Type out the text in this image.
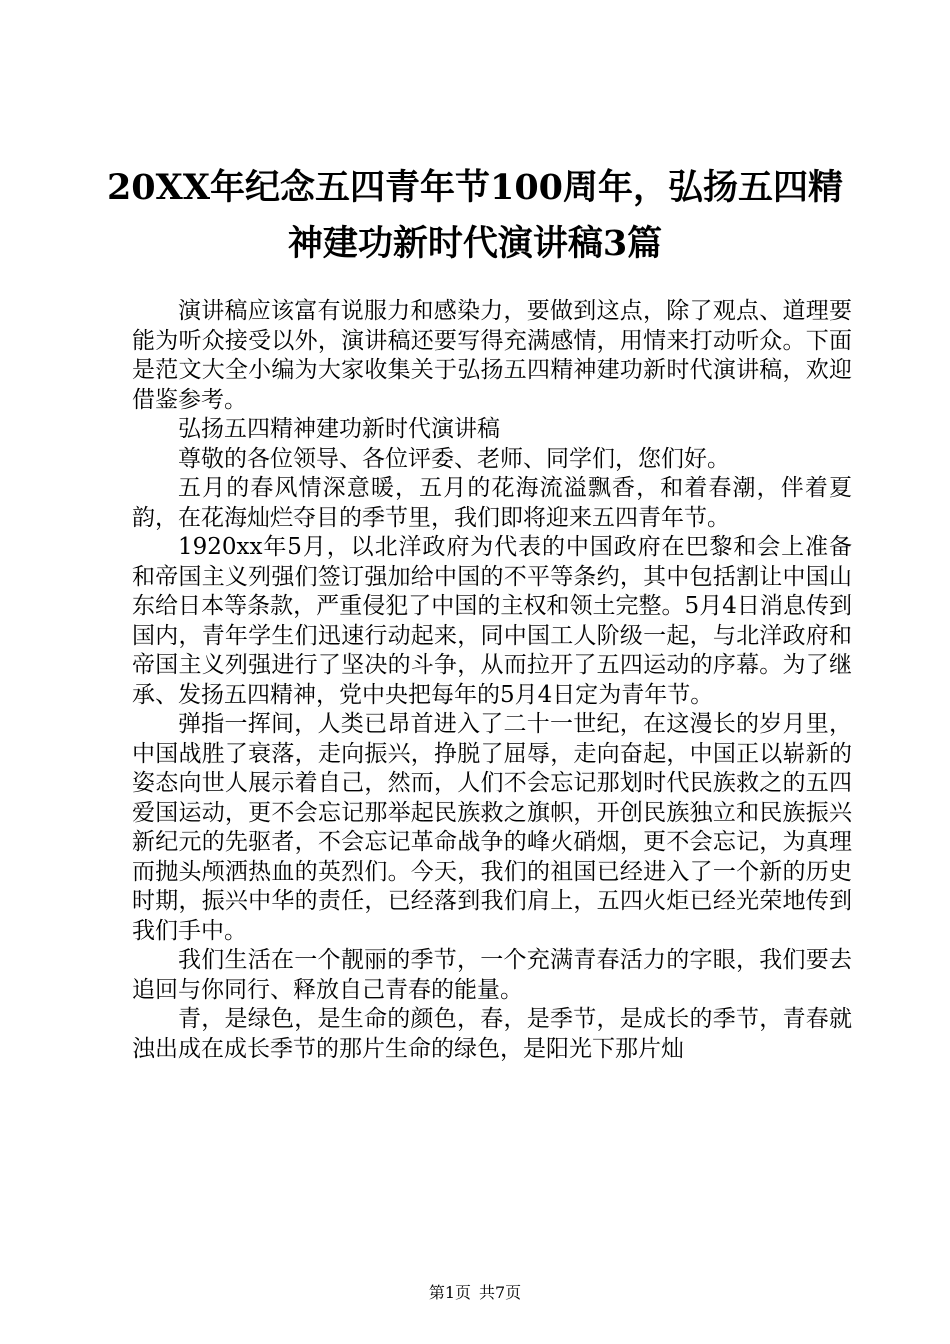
20XX年纪念五四青年节100周年，弘扬五四精
神建功新时代演讲稿3篇

演讲稿应该富有说服力和感染力，要做到这点，除了观点、道理要能为听众接受以外，演讲稿还要写得充满感情，用情来打动听众。下面是范文大全小编为大家收集关于弘扬五四精神建功新时代演讲稿，欢迎借鉴参考。

弘扬五四精神建功新时代演讲稿

尊敬的各位领导、各位评委、老师、同学们，您们好。

五月的春风情深意暖，五月的花海流溢飘香，和着春潮，伴着夏韵，在花海灿烂夺目的季节里，我们即将迎来五四青年节。

1920xx年5月，以北洋政府为代表的中国政府在巴黎和会上准备和帝国主义列强们签订强加给中国的不平等条约，其中包括割让中国山东给日本等条款，严重侵犯了中国的主权和领土完整。5月4日消息传到国内，青年学生们迅速行动起来，同中国工人阶级一起，与北洋政府和帝国主义列强进行了坚决的斗争，从而拉开了五四运动的序幕。为了继承、发扬五四精神，党中央把每年的5月4日定为青年节。

弹指一挥间，人类已昂首进入了二十一世纪，在这漫长的岁月里，中国战胜了衰落，走向振兴，挣脱了屈辱，走向奋起，中国正以崭新的姿态向世人展示着自己，然而，人们不会忘记那划时代民族救之的五四爱国运动，更不会忘记那举起民族救之旗帜，开创民族独立和民族振兴新纪元的先驱者，不会忘记革命战争的峰火硝烟，更不会忘记，为真理而抛头颅洒热血的英烈们。今天，我们的祖国已经进入了一个新的历史时期，振兴中华的责任，已经落到我们肩上，五四火炬已经光荣地传到我们手中。

我们生活在一个靓丽的季节，一个充满青春活力的字眼，我们要去追回与你同行、释放自己青春的能量。

青，是绿色，是生命的颜色，春，是季节，是成长的季节，青春就浊出成在成长季节的那片生命的绿色，是阳光下那片灿

第1页 共7页
